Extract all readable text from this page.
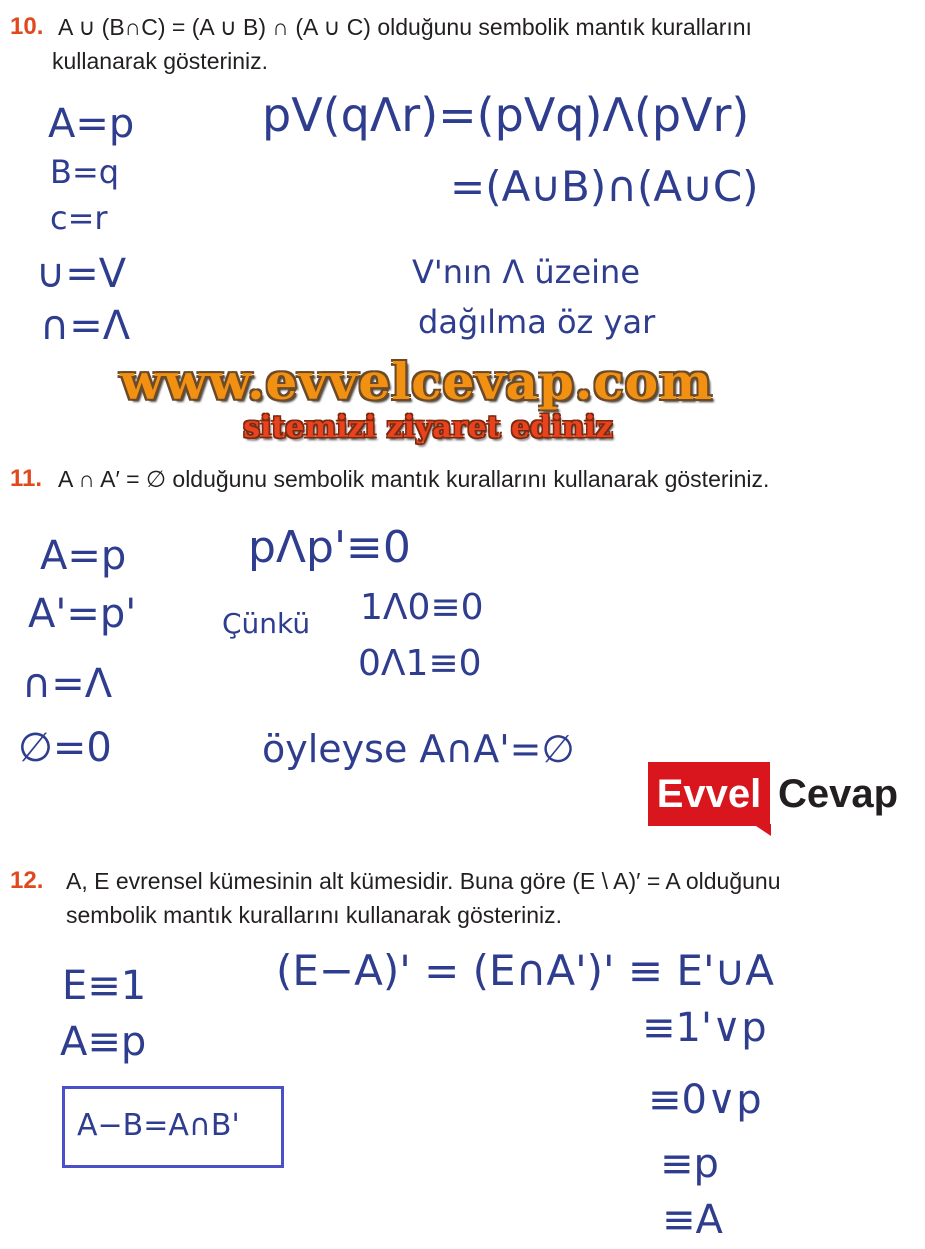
10. A ∪ (B∩C) = (A ∪ B) ∩ (A ∪ C) olduğunu sembolik mantık kurallarını
kullanarak gösteriniz.
A=p
B=q
c=r
∪=V
∩=Λ
pV(qΛr)=(pVq)Λ(pVr)
=(A∪B)∩(A∪C)
V'nın Λ üzeine
dağılma öz yar
www.evvelcevap.com
sitemizi ziyaret ediniz
11. A ∩ A′ = ∅ olduğunu sembolik mantık kurallarını kullanarak gösteriniz.
A=p
A'=p'
∩=Λ
∅=0
pΛp'≡0
Çünkü 1Λ0≡0
0Λ1≡0
öyleyse A∩A'=∅
Evvel Cevap
12. A, E evrensel kümesinin alt kümesidir. Buna göre (E \ A)′ = A olduğunu
sembolik mantık kurallarını kullanarak gösteriniz.
E≡1
A≡p
(E−A)' = (E∩A')' ≡ E'∪A
≡1'∨p
≡0∨p
≡p
≡A
A−B=A∩B'
